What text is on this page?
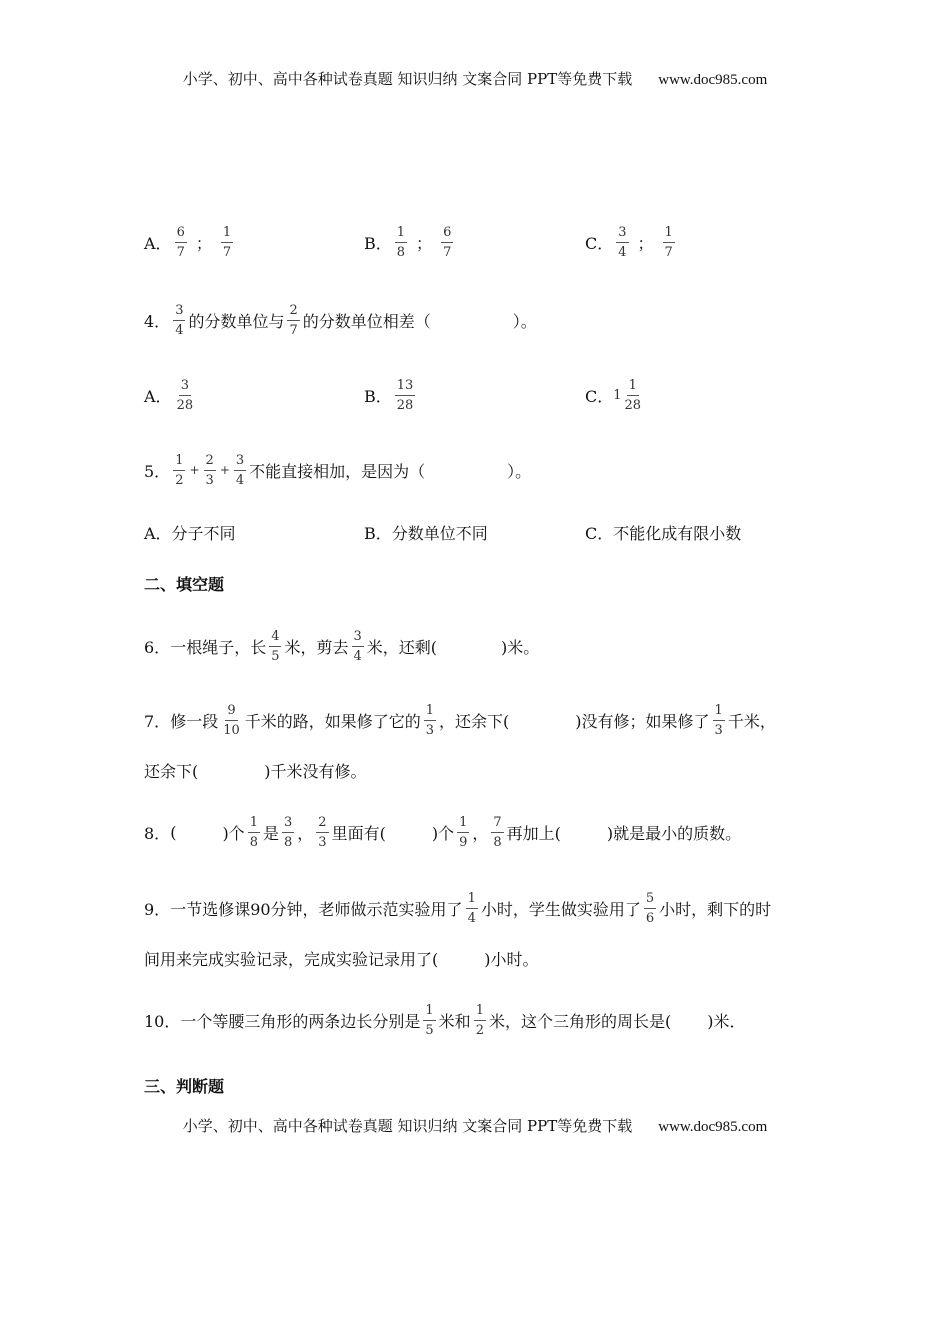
小学、初中、高中各种试卷真题 知识归纳 文案合同 PPT等免费下载 www.doc985.com
A． $\frac{6}{7}$ ； $\frac{1}{7}$	B． $\frac{1}{8}$ ； $\frac{6}{7}$	C． $\frac{3}{4}$ ； $\frac{1}{7}$
4． $\frac{3}{4}$ 的分数单位与 $\frac{2}{7}$ 的分数单位相差（	）。
A． $\frac{3}{28}$	B． $\frac{13}{28}$	C． $1 \frac{1}{28}$
5． $\frac{1}{2} + \frac{2}{3} + \frac{3}{4}$ 不能直接相加，是因为（	）。
A．分子不同	B．分数单位不同	C．不能化成有限小数
二、填空题
6． 一根绳子，长 $\frac{4}{5}$ 米，剪去 $\frac{3}{4}$ 米，还剩(	)米。
7． 修一段 $\frac{9}{10}$ 千米的路，如果修了它的 $\frac{1}{3}$ ，还余下(	)没有修；如果修了 $\frac{1}{3}$ 千米，
还余下(	)千米没有修。
8． (	)个 $\frac{1}{8}$ 是 $\frac{3}{8}$ ， $\frac{2}{3}$ 里面有(	)个 $\frac{1}{9}$ ， $\frac{7}{8}$ 再加上(	)就是最小的质数。
9． 一节选修课90分钟，老师做示范实验用了 $\frac{1}{4}$ 小时，学生做实验用了 $\frac{5}{6}$ 小时，剩下的时
间用来完成实验记录，完成实验记录用了(	)小时。
10． 一个等腰三角形的两条边长分别是 $\frac{1}{5}$ 米和 $\frac{1}{2}$ 米，这个三角形的周长是( )米．
三、判断题
小学、初中、高中各种试卷真题 知识归纳 文案合同 PPT等免费下载 www.doc985.com
